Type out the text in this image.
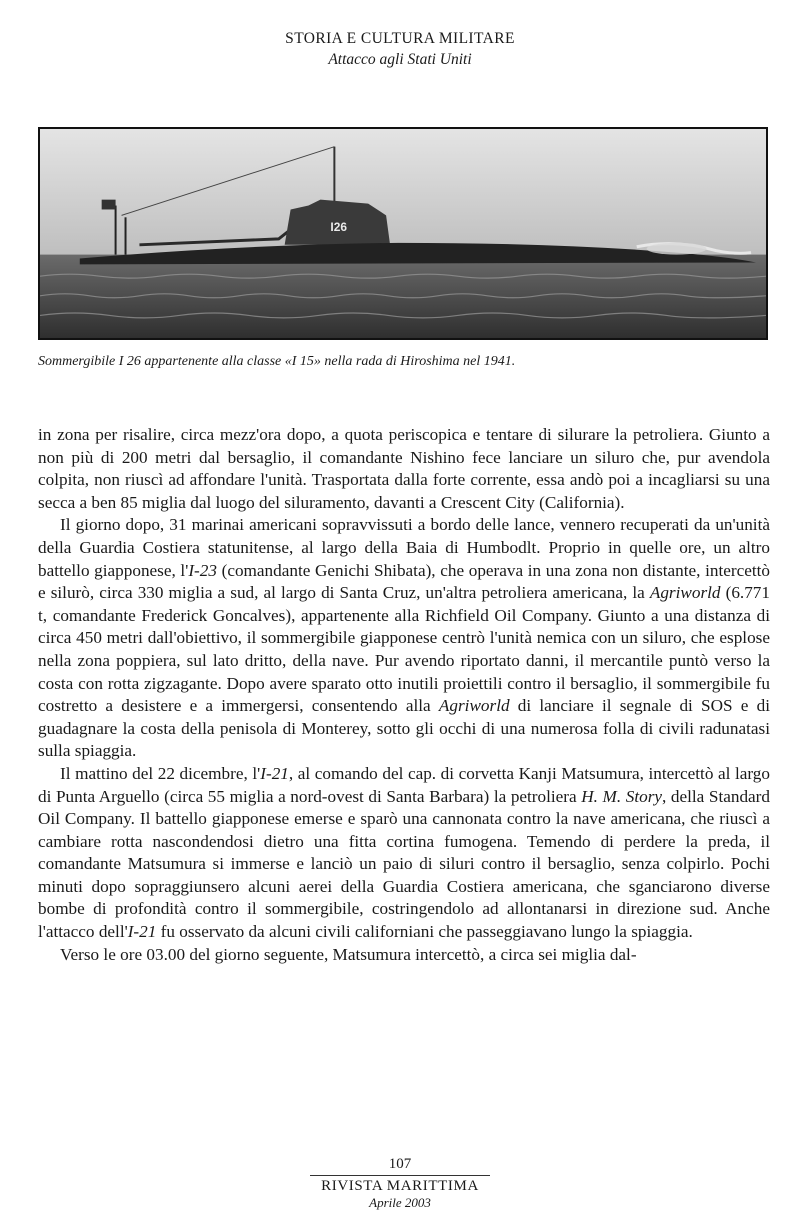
STORIA E CULTURA MILITARE
Attacco agli Stati Uniti
I26
Sommergibile I 26 appartenente alla classe «I 15» nella rada di Hiroshima nel 1941.

in zona per risalire, circa mezz'ora dopo, a quota periscopica e tentare di silurare la petroliera. Giunto a non più di 200 metri dal bersaglio, il comandante Nishino fece lanciare un siluro che, pur avendola colpita, non riuscì ad affondare l'unità. Trasportata dalla forte corrente, essa andò poi a incagliarsi su una secca a ben 85 miglia dal luogo del siluramento, davanti a Crescent City (California).

Il giorno dopo, 31 marinai americani sopravvissuti a bordo delle lance, vennero recuperati da un'unità della Guardia Costiera statunitense, al largo della Baia di Humbodlt. Proprio in quelle ore, un altro battello giapponese, l'I-23 (comandante Genichi Shibata), che operava in una zona non distante, intercettò e silurò, circa 330 miglia a sud, al largo di Santa Cruz, un'altra petroliera americana, la Agriworld (6.771 t, comandante Frederick Goncalves), appartenente alla Richfield Oil Company. Giunto a una distanza di circa 450 metri dall'obiettivo, il sommergibile giapponese centrò l'unità nemica con un siluro, che esplose nella zona poppiera, sul lato dritto, della nave. Pur avendo riportato danni, il mercantile puntò verso la costa con rotta zigzagante. Dopo avere sparato otto inutili proiettili contro il bersaglio, il sommergibile fu costretto a desistere e a immergersi, consentendo alla Agriworld di lanciare il segnale di SOS e di guadagnare la costa della penisola di Monterey, sotto gli occhi di una numerosa folla di civili radunatasi sulla spiaggia.

Il mattino del 22 dicembre, l'I-21, al comando del cap. di corvetta Kanji Matsumura, intercettò al largo di Punta Arguello (circa 55 miglia a nord-ovest di Santa Barbara) la petroliera H. M. Story, della Standard Oil Company. Il battello giapponese emerse e sparò una cannonata contro la nave americana, che riuscì a cambiare rotta nascondendosi dietro una fitta cortina fumogena. Temendo di perdere la preda, il comandante Matsumura si immerse e lanciò un paio di siluri contro il bersaglio, senza colpirlo. Pochi minuti dopo sopraggiunsero alcuni aerei della Guardia Costiera americana, che sganciarono diverse bombe di profondità contro il sommergibile, costringendolo ad allontanarsi in direzione sud. Anche l'attacco dell'I-21 fu osservato da alcuni civili californiani che passeggiavano lungo la spiaggia.

Verso le ore 03.00 del giorno seguente, Matsumura intercettò, a circa sei miglia dal-

107
RIVISTA MARITTIMA
Aprile 2003
